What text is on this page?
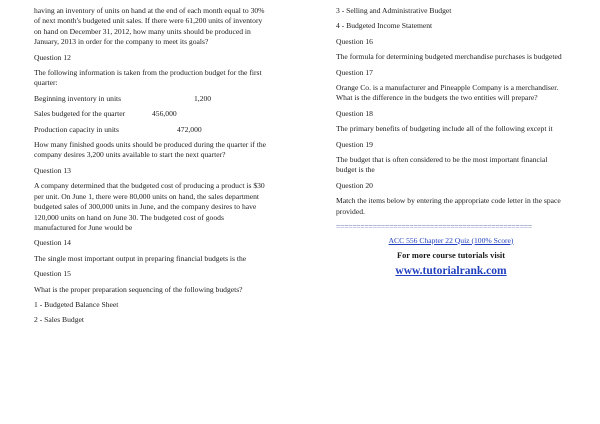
having an inventory of units on hand at the end of each month equal to 30% of next month's budgeted unit sales. If there were 61,200 units of inventory on hand on December 31, 2012, how many units should be produced in January, 2013 in order for the company to meet its goals?

Question 12

The following information is taken from the production budget for the first quarter:

Beginning inventory in units	1,200
Sales budgeted for the quarter	456,000
Production capacity in units	472,000

How many finished goods units should be produced during the quarter if the company desires 3,200 units available to start the next quarter?

Question 13

A company determined that the budgeted cost of producing a product is $30 per unit. On June 1, there were 80,000 units on hand, the sales department budgeted sales of 300,000 units in June, and the company desires to have 120,000 units on hand on June 30. The budgeted cost of goods manufactured for June would be

Question 14

The single most important output in preparing financial budgets is the

Question 15

What is the proper preparation sequencing of the following budgets?

1 - Budgeted Balance Sheet

2 - Sales Budget

3 - Selling and Administrative Budget

4 - Budgeted Income Statement

Question 16

The formula for determining budgeted merchandise purchases is budgeted

Question 17

Orange Co. is a manufacturer and Pineapple Company is a merchandiser. What is the difference in the budgets the two entities will prepare?

Question 18

The primary benefits of budgeting include all of the following except it

Question 19

The budget that is often considered to be the most important financial budget is the

Question 20

Match the items below by entering the appropriate code letter in the space provided.

================================================

ACC 556 Chapter 22 Quiz (100% Score)

For more course tutorials visit

www.tutorialrank.com
